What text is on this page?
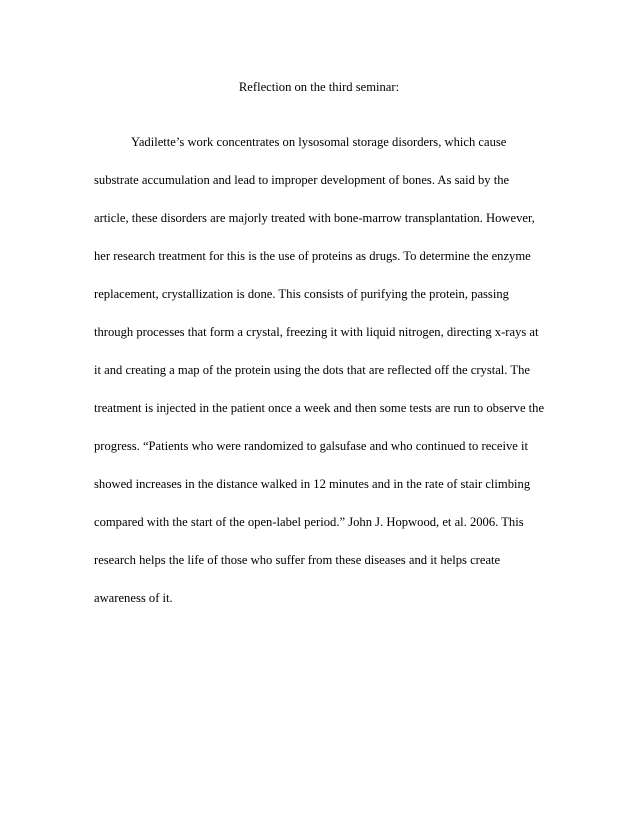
Reflection on the third seminar:
Yadilette’s work concentrates on lysosomal storage disorders, which cause
substrate accumulation and lead to improper development of bones. As said by the
article, these disorders are majorly treated with bone-marrow transplantation. However,
her research treatment for this is the use of proteins as drugs. To determine the enzyme
replacement, crystallization is done. This consists of purifying the protein, passing
through processes that form a crystal, freezing it with liquid nitrogen, directing x-rays at
it and creating a map of the protein using the dots that are reflected off the crystal. The
treatment is injected in the patient once a week and then some tests are run to observe the
progress. “Patients who were randomized to galsufase and who continued to receive it
showed increases in the distance walked in 12 minutes and in the rate of stair climbing
compared with the start of the open-label period.” John J. Hopwood, et al. 2006. This
research helps the life of those who suffer from these diseases and it helps create
awareness of it.
